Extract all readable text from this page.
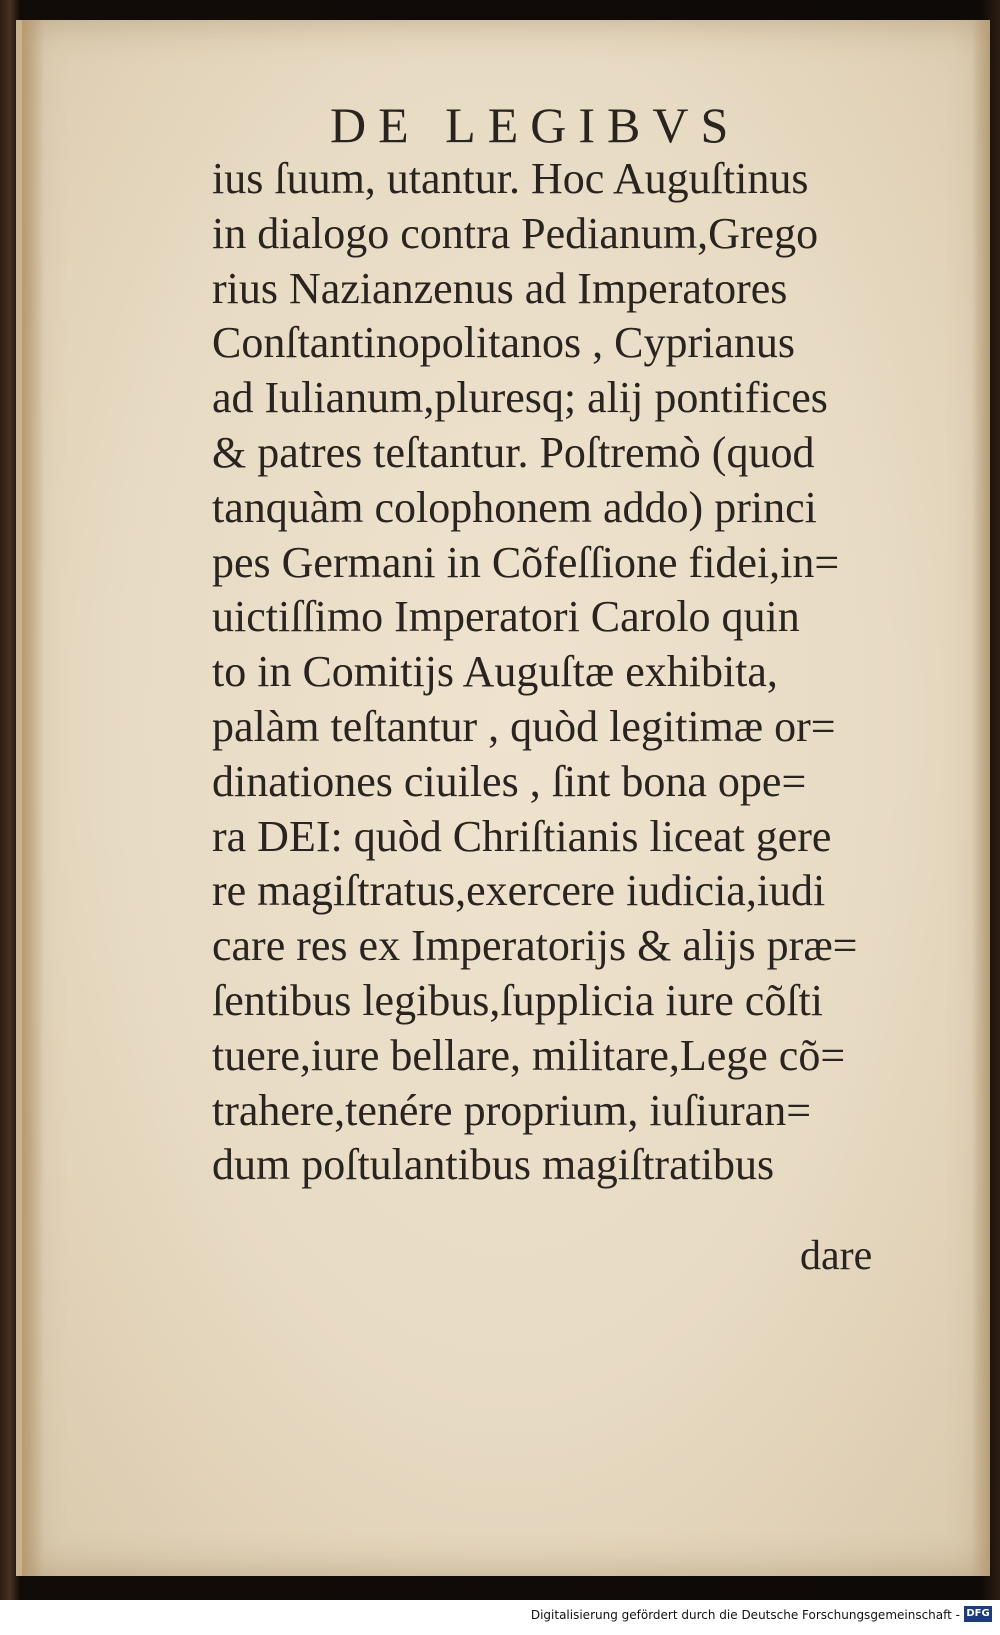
DE LEGIBVS
ius ſuum, utantur. Hoc Auguſtinus
in dialogo contra Pedianum,Grego
rius Nazianzenus ad Imperatores
Conſtantinopolitanos , Cyprianus
ad Iulianum,pluresq; alij pontifices
& patres teſtantur. Poſtremò (quod
tanquàm colophonem addo) princi
pes Germani in Cõfeſſione fidei,in=
uictiſſimo Imperatori Carolo quin
to in Comitijs Auguſtæ exhibita,
palàm teſtantur , quòd legitimæ or=
dinationes ciuiles , ſint bona ope=
ra DEI: quòd Chriſtianis liceat gere
re magiſtratus,exercere iudicia,iudi
care res ex Imperatorijs & alijs præ=
ſentibus legibus,ſupplicia iure cõſti
tuere,iure bellare, militare,Lege cõ=
trahere,tenére proprium, iuſiuran=
dum poſtulantibus magiſtratibus
dare
Digitalisierung gefördert durch die Deutsche Forschungsgemeinschaft - DFG
